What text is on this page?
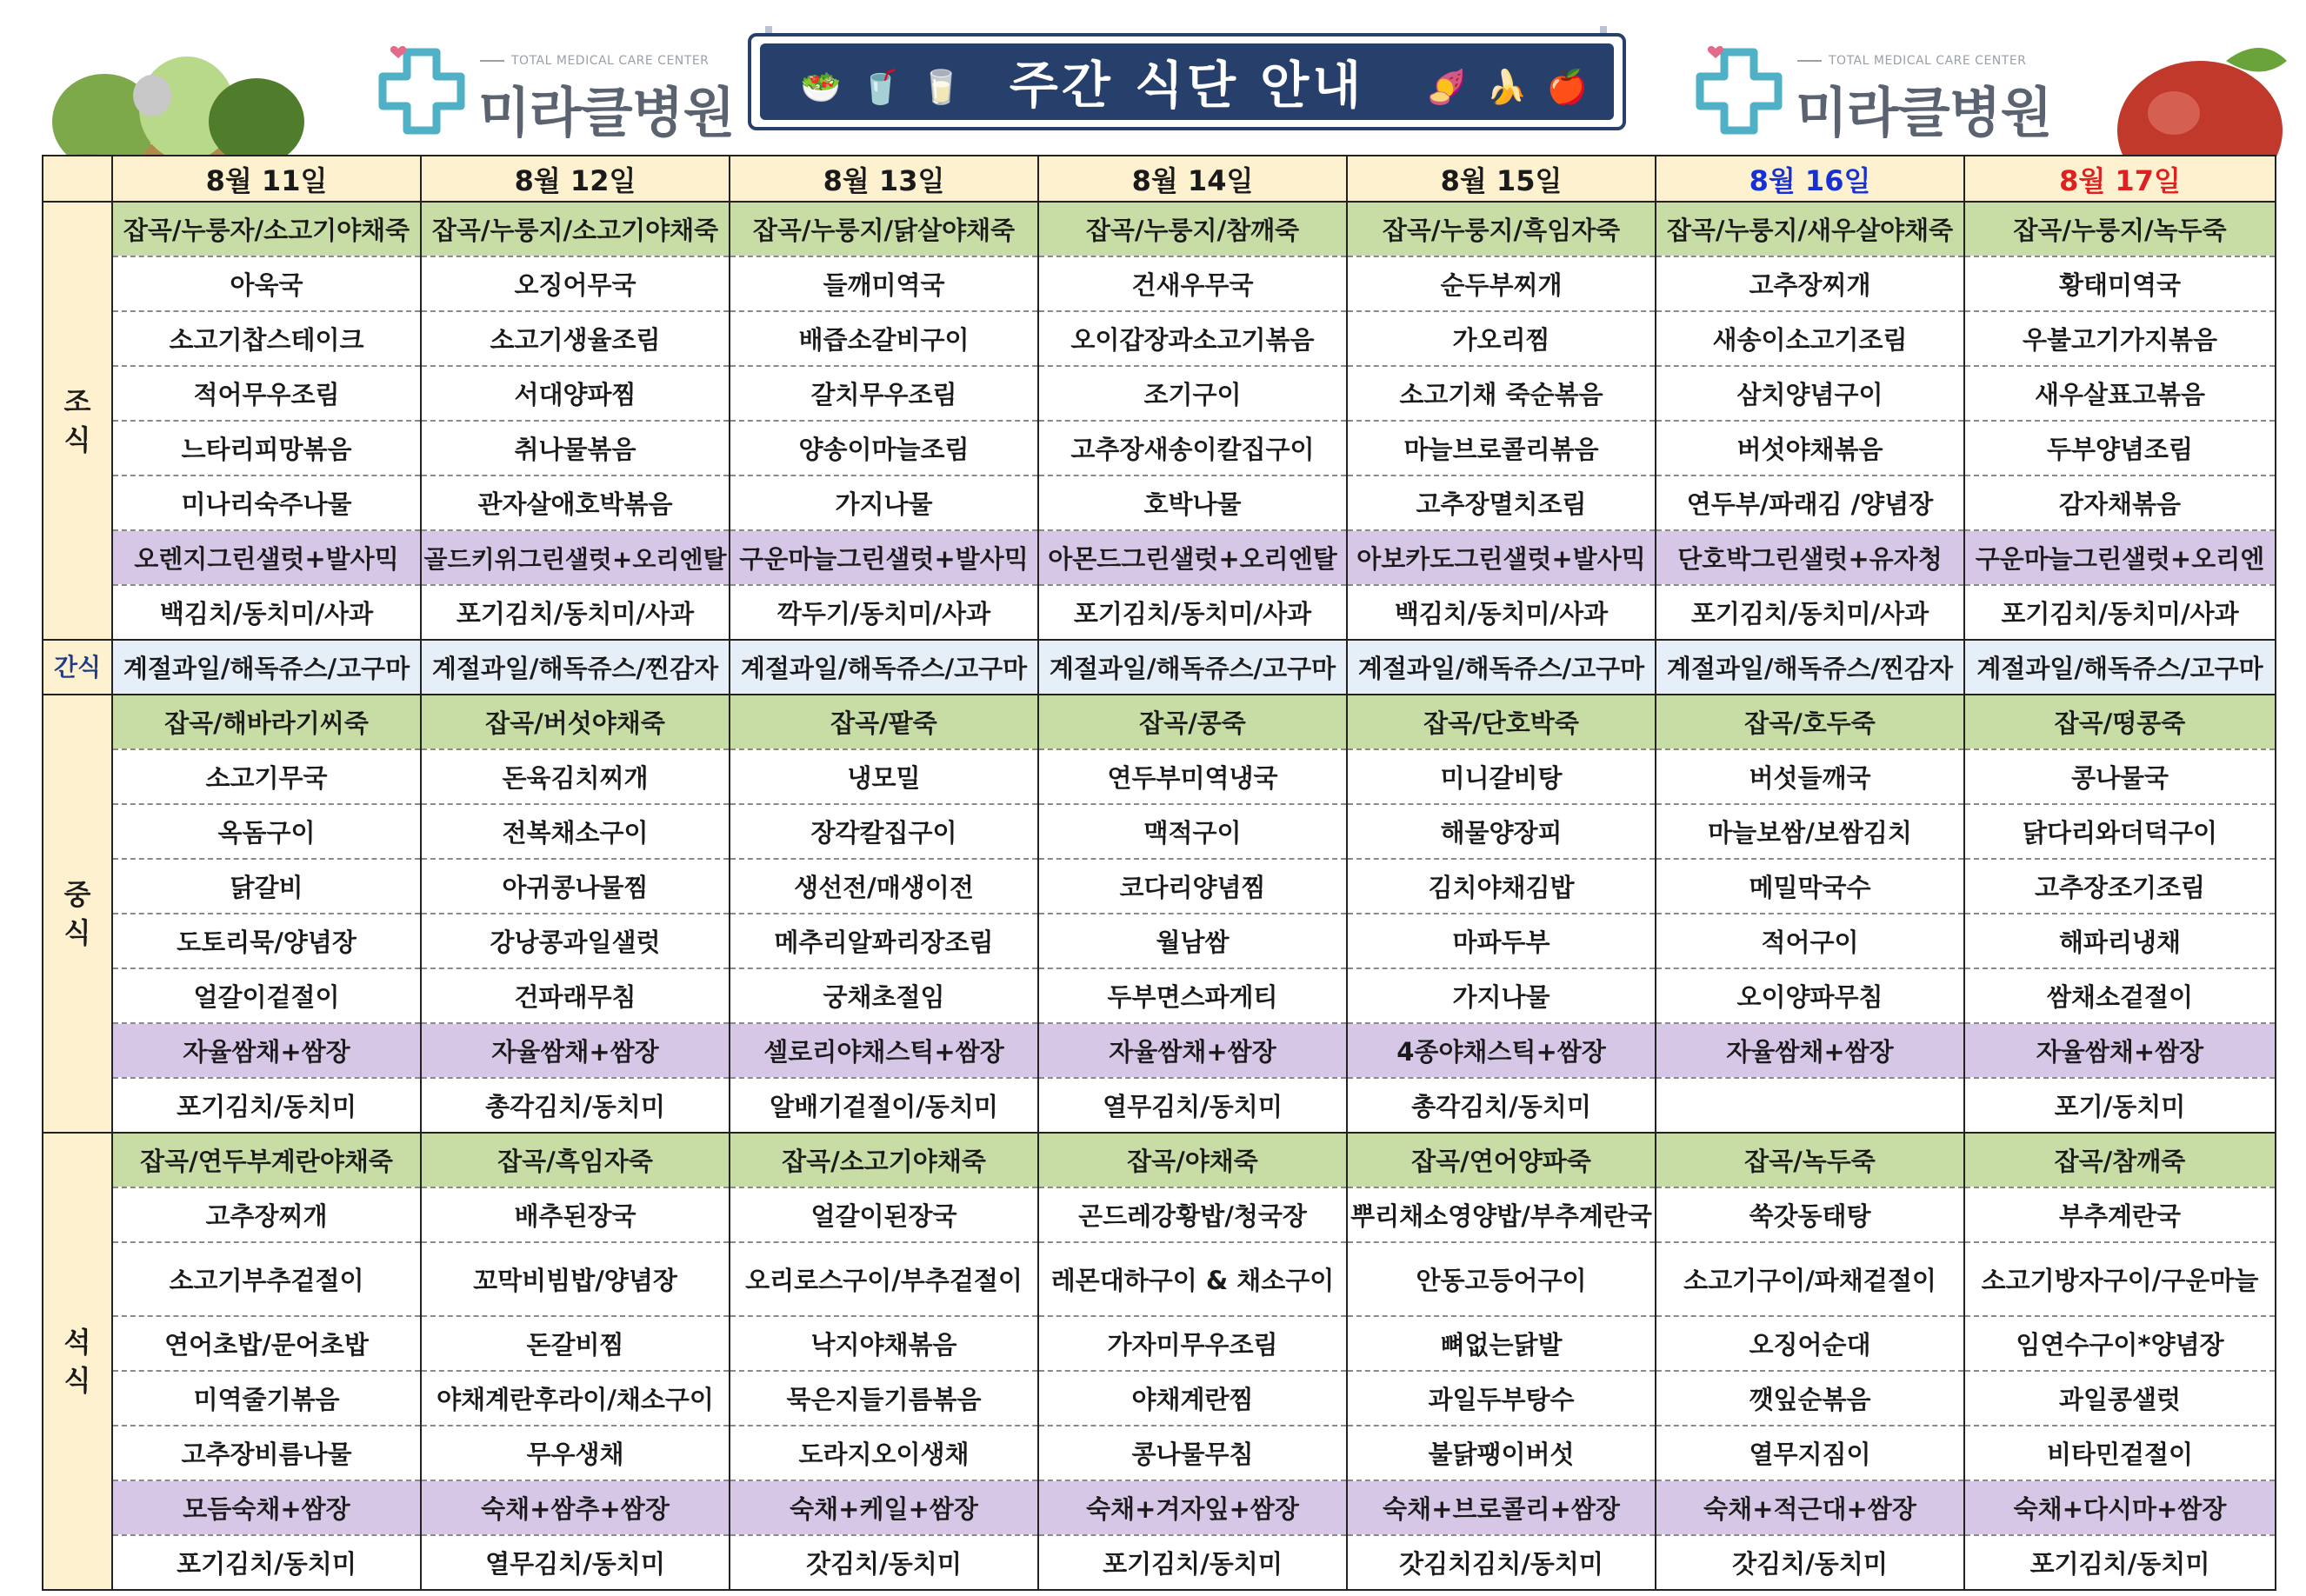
TOTAL MEDICAL CARE CENTER
미라클병원 🥗 🥤 🥛 주간 식단 안내	🍠 🍌 🍎
TOTAL MEDICAL CARE CENTER
미라클병원
	8월 11일	8월 12일	8월 13일	8월 14일	8월 15일	8월 16일	8월 17일
조
식	잡곡/누룽자/소고기야채죽	잡곡/누룽지/소고기야채죽	잡곡/누룽지/닭살야채죽	잡곡/누룽지/참깨죽	잡곡/누룽지/흑임자죽	잡곡/누룽지/새우살야채죽	잡곡/누룽지/녹두죽
	아욱국	오징어무국	들깨미역국	건새우무국	순두부찌개	고추장찌개	황태미역국
	소고기찹스테이크	소고기생율조림	배즙소갈비구이	오이갑장과소고기볶음	가오리찜	새송이소고기조림	우불고기가지볶음
	적어무우조림	서대양파찜	갈치무우조림	조기구이	소고기채 죽순볶음	삼치양념구이	새우살표고볶음
	느타리피망볶음	취나물볶음	양송이마늘조림	고추장새송이칼집구이	마늘브로콜리볶음	버섯야채볶음	두부양념조림
	미나리숙주나물	관자살애호박볶음	가지나물	호박나물	고추장멸치조림	연두부/파래김 /양념장	감자채볶음
	오렌지그린샐럿+발사믹	골드키위그린샐럿+오리엔탈	구운마늘그린샐럿+발사믹	아몬드그린샐럿+오리엔탈	아보카도그린샐럿+발사믹	단호박그린샐럿+유자청	구운마늘그린샐럿+오리엔
	백김치/동치미/사과	포기김치/동치미/사과	깍두기/동치미/사과	포기김치/동치미/사과	백김치/동치미/사과	포기김치/동치미/사과	포기김치/동치미/사과
간식	계절과일/해독쥬스/고구마	계절과일/해독쥬스/찐감자	계절과일/해독쥬스/고구마	계절과일/해독쥬스/고구마	계절과일/해독쥬스/고구마	계절과일/해독쥬스/찐감자	계절과일/해독쥬스/고구마
중
식	잡곡/해바라기씨죽	잡곡/버섯야채죽	잡곡/팥죽	잡곡/콩죽	잡곡/단호박죽	잡곡/호두죽	잡곡/떵콩죽
	소고기무국	돈육김치찌개	냉모밀	연두부미역냉국	미니갈비탕	버섯들깨국	콩나물국
	옥돔구이	전복채소구이	장각칼집구이	맥적구이	해물양장피	마늘보쌈/보쌈김치	닭다리와더덕구이
	닭갈비	아귀콩나물찜	생선전/매생이전	코다리양념찜	김치야채김밥	메밀막국수	고추장조기조림
	도토리묵/양념장	강낭콩과일샐럿	메추리알꽈리장조림	월남쌈	마파두부	적어구이	해파리냉채
	얼갈이겉절이	건파래무침	궁채초절임	두부면스파게티	가지나물	오이양파무침	쌈채소겉절이
	자율쌈채+쌈장	자율쌈채+쌈장	셀로리야채스틱+쌈장	자율쌈채+쌈장	4종야채스틱+쌈장	자율쌈채+쌈장	자율쌈채+쌈장
	포기김치/동치미	총각김치/동치미	알배기겉절이/동치미	열무김치/동치미	총각김치/동치미		포기/동치미
석
식	잡곡/연두부계란야채죽	잡곡/흑임자죽	잡곡/소고기야채죽	잡곡/야채죽	잡곡/연어양파죽	잡곡/녹두죽	잡곡/참깨죽
	고추장찌개	배추된장국	얼갈이된장국	곤드레강황밥/청국장	뿌리채소영양밥/부추계란국	쑥갓동태탕	부추계란국
	소고기부추겉절이	꼬막비빔밥/양념장	오리로스구이/부추겉절이	레몬대하구이 & 채소구이	안동고등어구이	소고기구이/파채겉절이	소고기방자구이/구운마늘
	연어초밥/문어초밥	돈갈비찜	낙지야채볶음	가자미무우조림	뼈없는닭발	오징어순대	임연수구이*양념장
	미역줄기볶음	야채계란후라이/채소구이	묵은지들기름볶음	야채계란찜	과일두부탕수	깻잎순볶음	과일콩샐럿
	고추장비름나물	무우생채	도라지오이생채	콩나물무침	불닭팽이버섯	열무지짐이	비타민겉절이
	모듬숙채+쌈장	숙채+쌈추+쌈장	숙채+케일+쌈장	숙채+겨자잎+쌈장	숙채+브로콜리+쌈장	숙채+적근대+쌈장	숙채+다시마+쌈장
	포기김치/동치미	열무김치/동치미	갓김치/동치미	포기김치/동치미	갓김치김치/동치미	갓김치/동치미	포기김치/동치미
